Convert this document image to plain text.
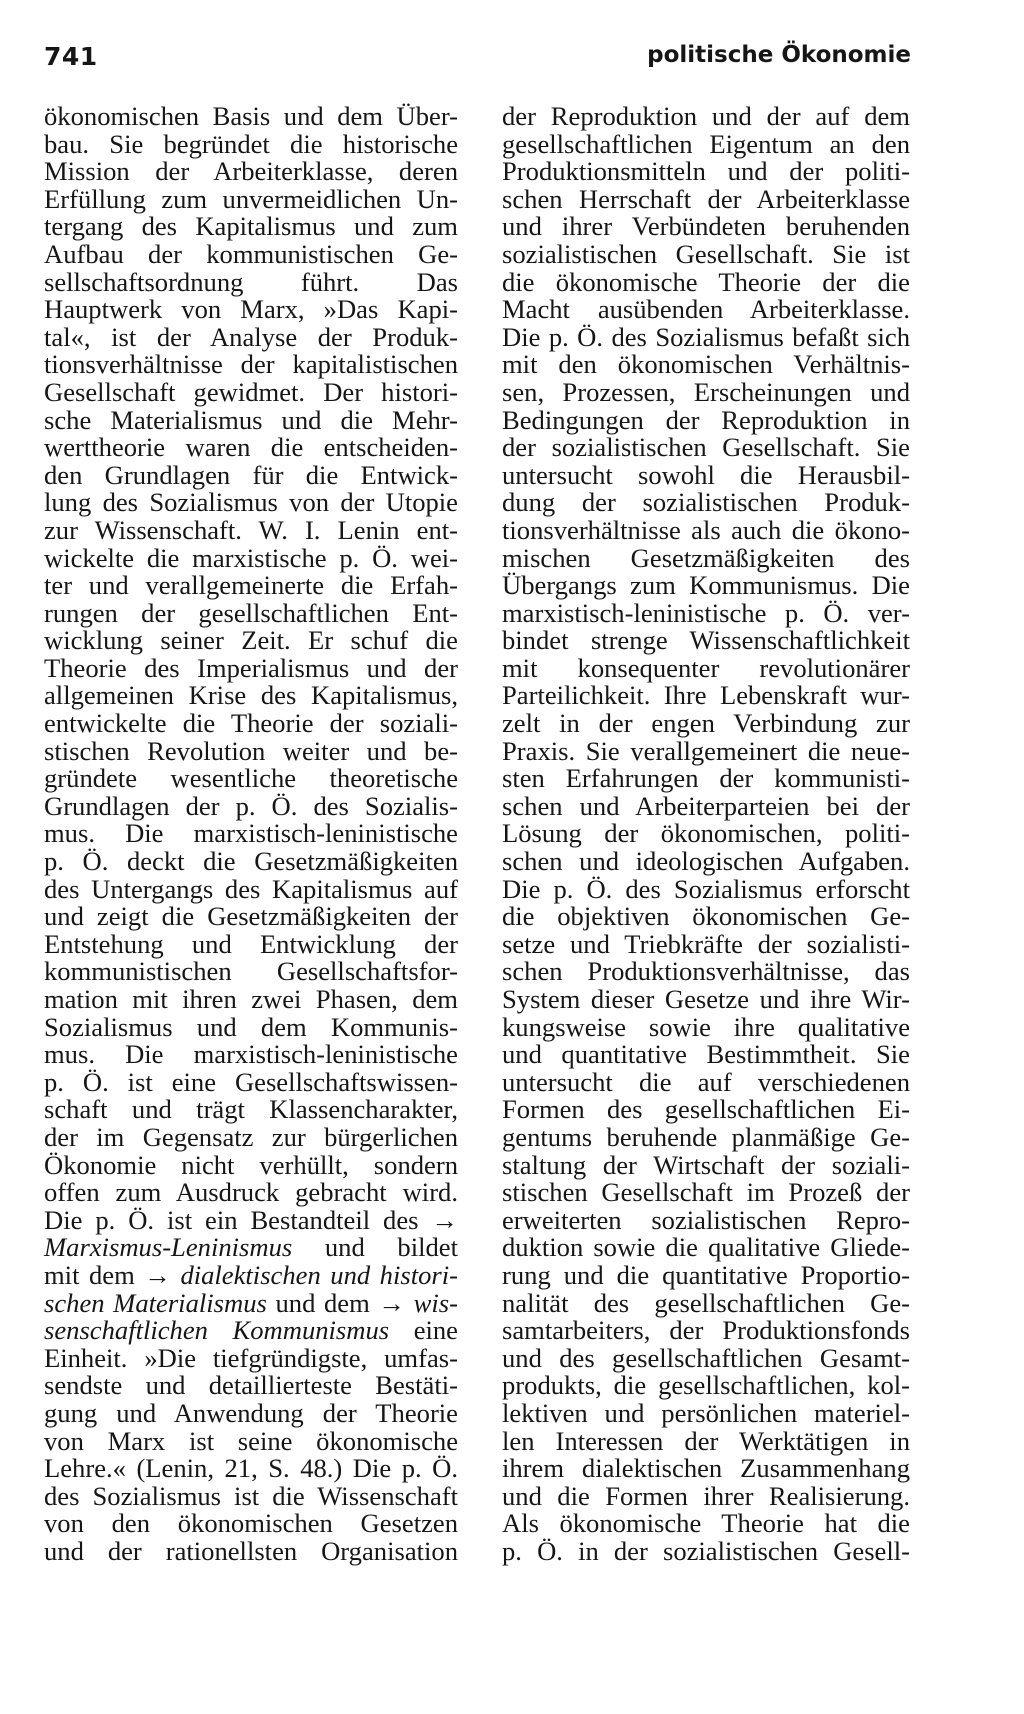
741	politische Ökonomie
ökonomischen Basis und dem Über-
bau. Sie begründet die historische
Mission der Arbeiterklasse, deren
Erfüllung zum unvermeidlichen Un-
tergang des Kapitalismus und zum
Aufbau der kommunistischen Ge-
sellschaftsordnung führt. Das
Hauptwerk von Marx, »Das Kapi-
tal«, ist der Analyse der Produk-
tionsverhältnisse der kapitalistischen
Gesellschaft gewidmet. Der histori-
sche Materialismus und die Mehr-
werttheorie waren die entscheiden-
den Grundlagen für die Entwick-
lung des Sozialismus von der Utopie
zur Wissenschaft. W. I. Lenin ent-
wickelte die marxistische p. Ö. wei-
ter und verallgemeinerte die Erfah-
rungen der gesellschaftlichen Ent-
wicklung seiner Zeit. Er schuf die
Theorie des Imperialismus und der
allgemeinen Krise des Kapitalismus,
entwickelte die Theorie der soziali-
stischen Revolution weiter und be-
gründete wesentliche theoretische
Grundlagen der p. Ö. des Sozialis-
mus. Die marxistisch-leninistische
p. Ö. deckt die Gesetzmäßigkeiten
des Untergangs des Kapitalismus auf
und zeigt die Gesetzmäßigkeiten der
Entstehung und Entwicklung der
kommunistischen Gesellschaftsfor-
mation mit ihren zwei Phasen, dem
Sozialismus und dem Kommunis-
mus. Die marxistisch-leninistische
p. Ö. ist eine Gesellschaftswissen-
schaft und trägt Klassencharakter,
der im Gegensatz zur bürgerlichen
Ökonomie nicht verhüllt, sondern
offen zum Ausdruck gebracht wird.
Die p. Ö. ist ein Bestandteil des →
Marxismus-Leninismus und bildet
mit dem → dialektischen und histori-
schen Materialismus und dem → wis-
senschaftlichen Kommunismus eine
Einheit. »Die tiefgründigste, umfas-
sendste und detaillierteste Bestäti-
gung und Anwendung der Theorie
von Marx ist seine ökonomische
Lehre.« (Lenin, 21, S. 48.) Die p. Ö.
des Sozialismus ist die Wissenschaft
von den ökonomischen Gesetzen
und der rationellsten Organisation
der Reproduktion und der auf dem
gesellschaftlichen Eigentum an den
Produktionsmitteln und der politi-
schen Herrschaft der Arbeiterklasse
und ihrer Verbündeten beruhenden
sozialistischen Gesellschaft. Sie ist
die ökonomische Theorie der die
Macht ausübenden Arbeiterklasse.
Die p. Ö. des Sozialismus befaßt sich
mit den ökonomischen Verhältnis-
sen, Prozessen, Erscheinungen und
Bedingungen der Reproduktion in
der sozialistischen Gesellschaft. Sie
untersucht sowohl die Herausbil-
dung der sozialistischen Produk-
tionsverhältnisse als auch die ökono-
mischen Gesetzmäßigkeiten des
Übergangs zum Kommunismus. Die
marxistisch-leninistische p. Ö. ver-
bindet strenge Wissenschaftlichkeit
mit konsequenter revolutionärer
Parteilichkeit. Ihre Lebenskraft wur-
zelt in der engen Verbindung zur
Praxis. Sie verallgemeinert die neue-
sten Erfahrungen der kommunisti-
schen und Arbeiterparteien bei der
Lösung der ökonomischen, politi-
schen und ideologischen Aufgaben.
Die p. Ö. des Sozialismus erforscht
die objektiven ökonomischen Ge-
setze und Triebkräfte der sozialisti-
schen Produktionsverhältnisse, das
System dieser Gesetze und ihre Wir-
kungsweise sowie ihre qualitative
und quantitative Bestimmtheit. Sie
untersucht die auf verschiedenen
Formen des gesellschaftlichen Ei-
gentums beruhende planmäßige Ge-
staltung der Wirtschaft der soziali-
stischen Gesellschaft im Prozeß der
erweiterten sozialistischen Repro-
duktion sowie die qualitative Gliede-
rung und die quantitative Proportio-
nalität des gesellschaftlichen Ge-
samtarbeiters, der Produktionsfonds
und des gesellschaftlichen Gesamt-
produkts, die gesellschaftlichen, kol-
lektiven und persönlichen materiel-
len Interessen der Werktätigen in
ihrem dialektischen Zusammenhang
und die Formen ihrer Realisierung.
Als ökonomische Theorie hat die
p. Ö. in der sozialistischen Gesell-
